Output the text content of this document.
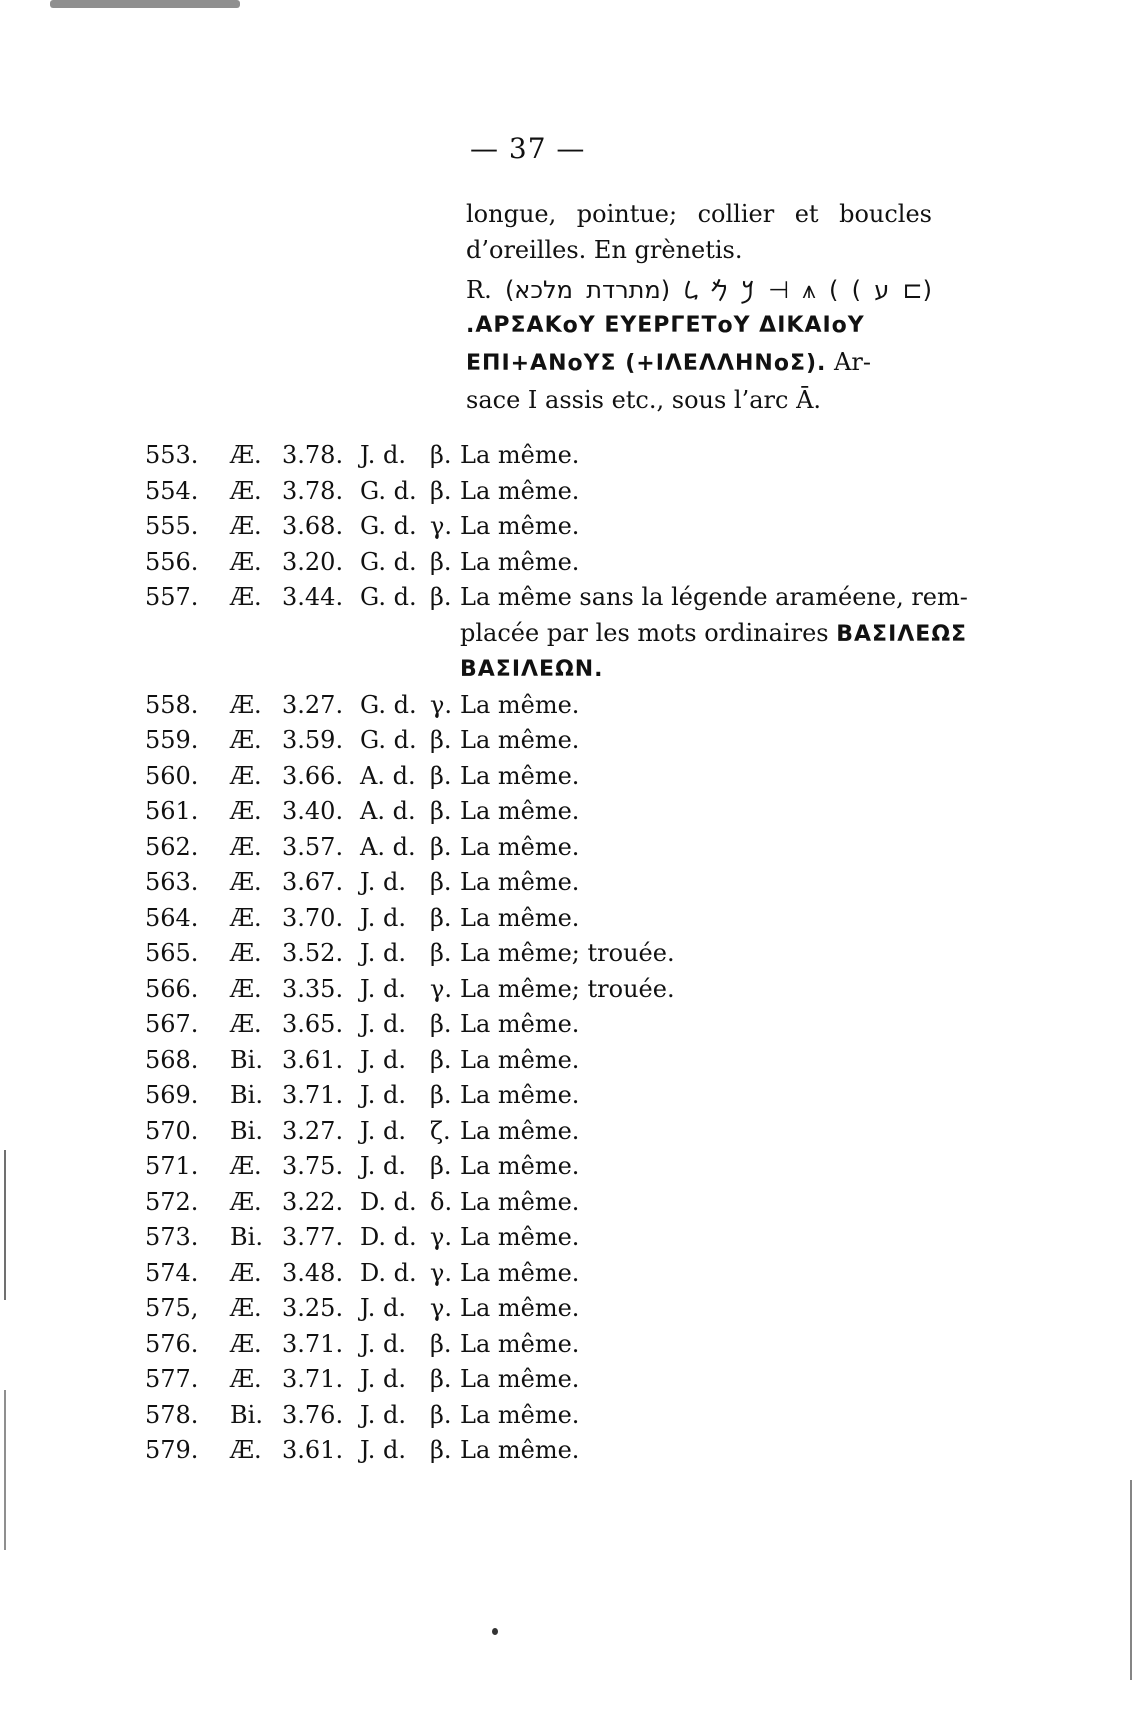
— 37 —
longue, pointue; collier et boucles
d’oreilles. En grènetis.
R.	(⊐ ע ) ) ⩚ ⊢ 𐡊 𐡌 𐡋 (מתרדת מלכא)
.ΑΡΣΑΚοΥ ΕΥΕΡΓΕΤοΥ ΔΙΚΑΙοΥ
ΕΠΙ+ΑΝοΥΣ (+ΙΛΕΛΛΗΝοΣ). Ar-
sace I assis etc., sous l’arc Ā.
553.	Æ. 3.78. J. d. β. La même.
554.	Æ. 3.78. G. d. β. La même.
555.	Æ. 3.68. G. d. γ. La même.
556.	Æ. 3.20. G. d. β. La même.
557.	Æ. 3.44. G. d. β. La même sans la légende araméene, rem-
placée par les mots ordinaires ΒΑΣΙΛΕΩΣ
ΒΑΣΙΛΕΩΝ.
558.	Æ. 3.27. G. d. γ. La même.
559.	Æ. 3.59. G. d. β. La même.
560.	Æ. 3.66. A. d. β. La même.
561.	Æ. 3.40. A. d. β. La même.
562.	Æ. 3.57. A. d. β. La même.
563.	Æ. 3.67. J. d. β. La même.
564.	Æ. 3.70. J. d. β. La même.
565.	Æ. 3.52. J. d. β. La même; trouée.
566.	Æ. 3.35. J. d. γ. La même; trouée.
567.	Æ. 3.65. J. d. β. La même.
568.	Bi. 3.61. J. d. β. La même.
569.	Bi. 3.71. J. d. β. La même.
570.	Bi. 3.27. J. d. ζ. La même.
571.	Æ. 3.75. J. d. β. La même.
572.	Æ. 3.22. D. d. δ. La même.
573.	Bi. 3.77. D. d. γ. La même.
574.	Æ. 3.48. D. d. γ. La même.
575,	Æ. 3.25. J. d. γ. La même.
576.	Æ. 3.71. J. d. β. La même.
577.	Æ. 3.71. J. d. β. La même.
578.	Bi. 3.76. J. d. β. La même.
579.	Æ. 3.61. J. d. β. La même.
